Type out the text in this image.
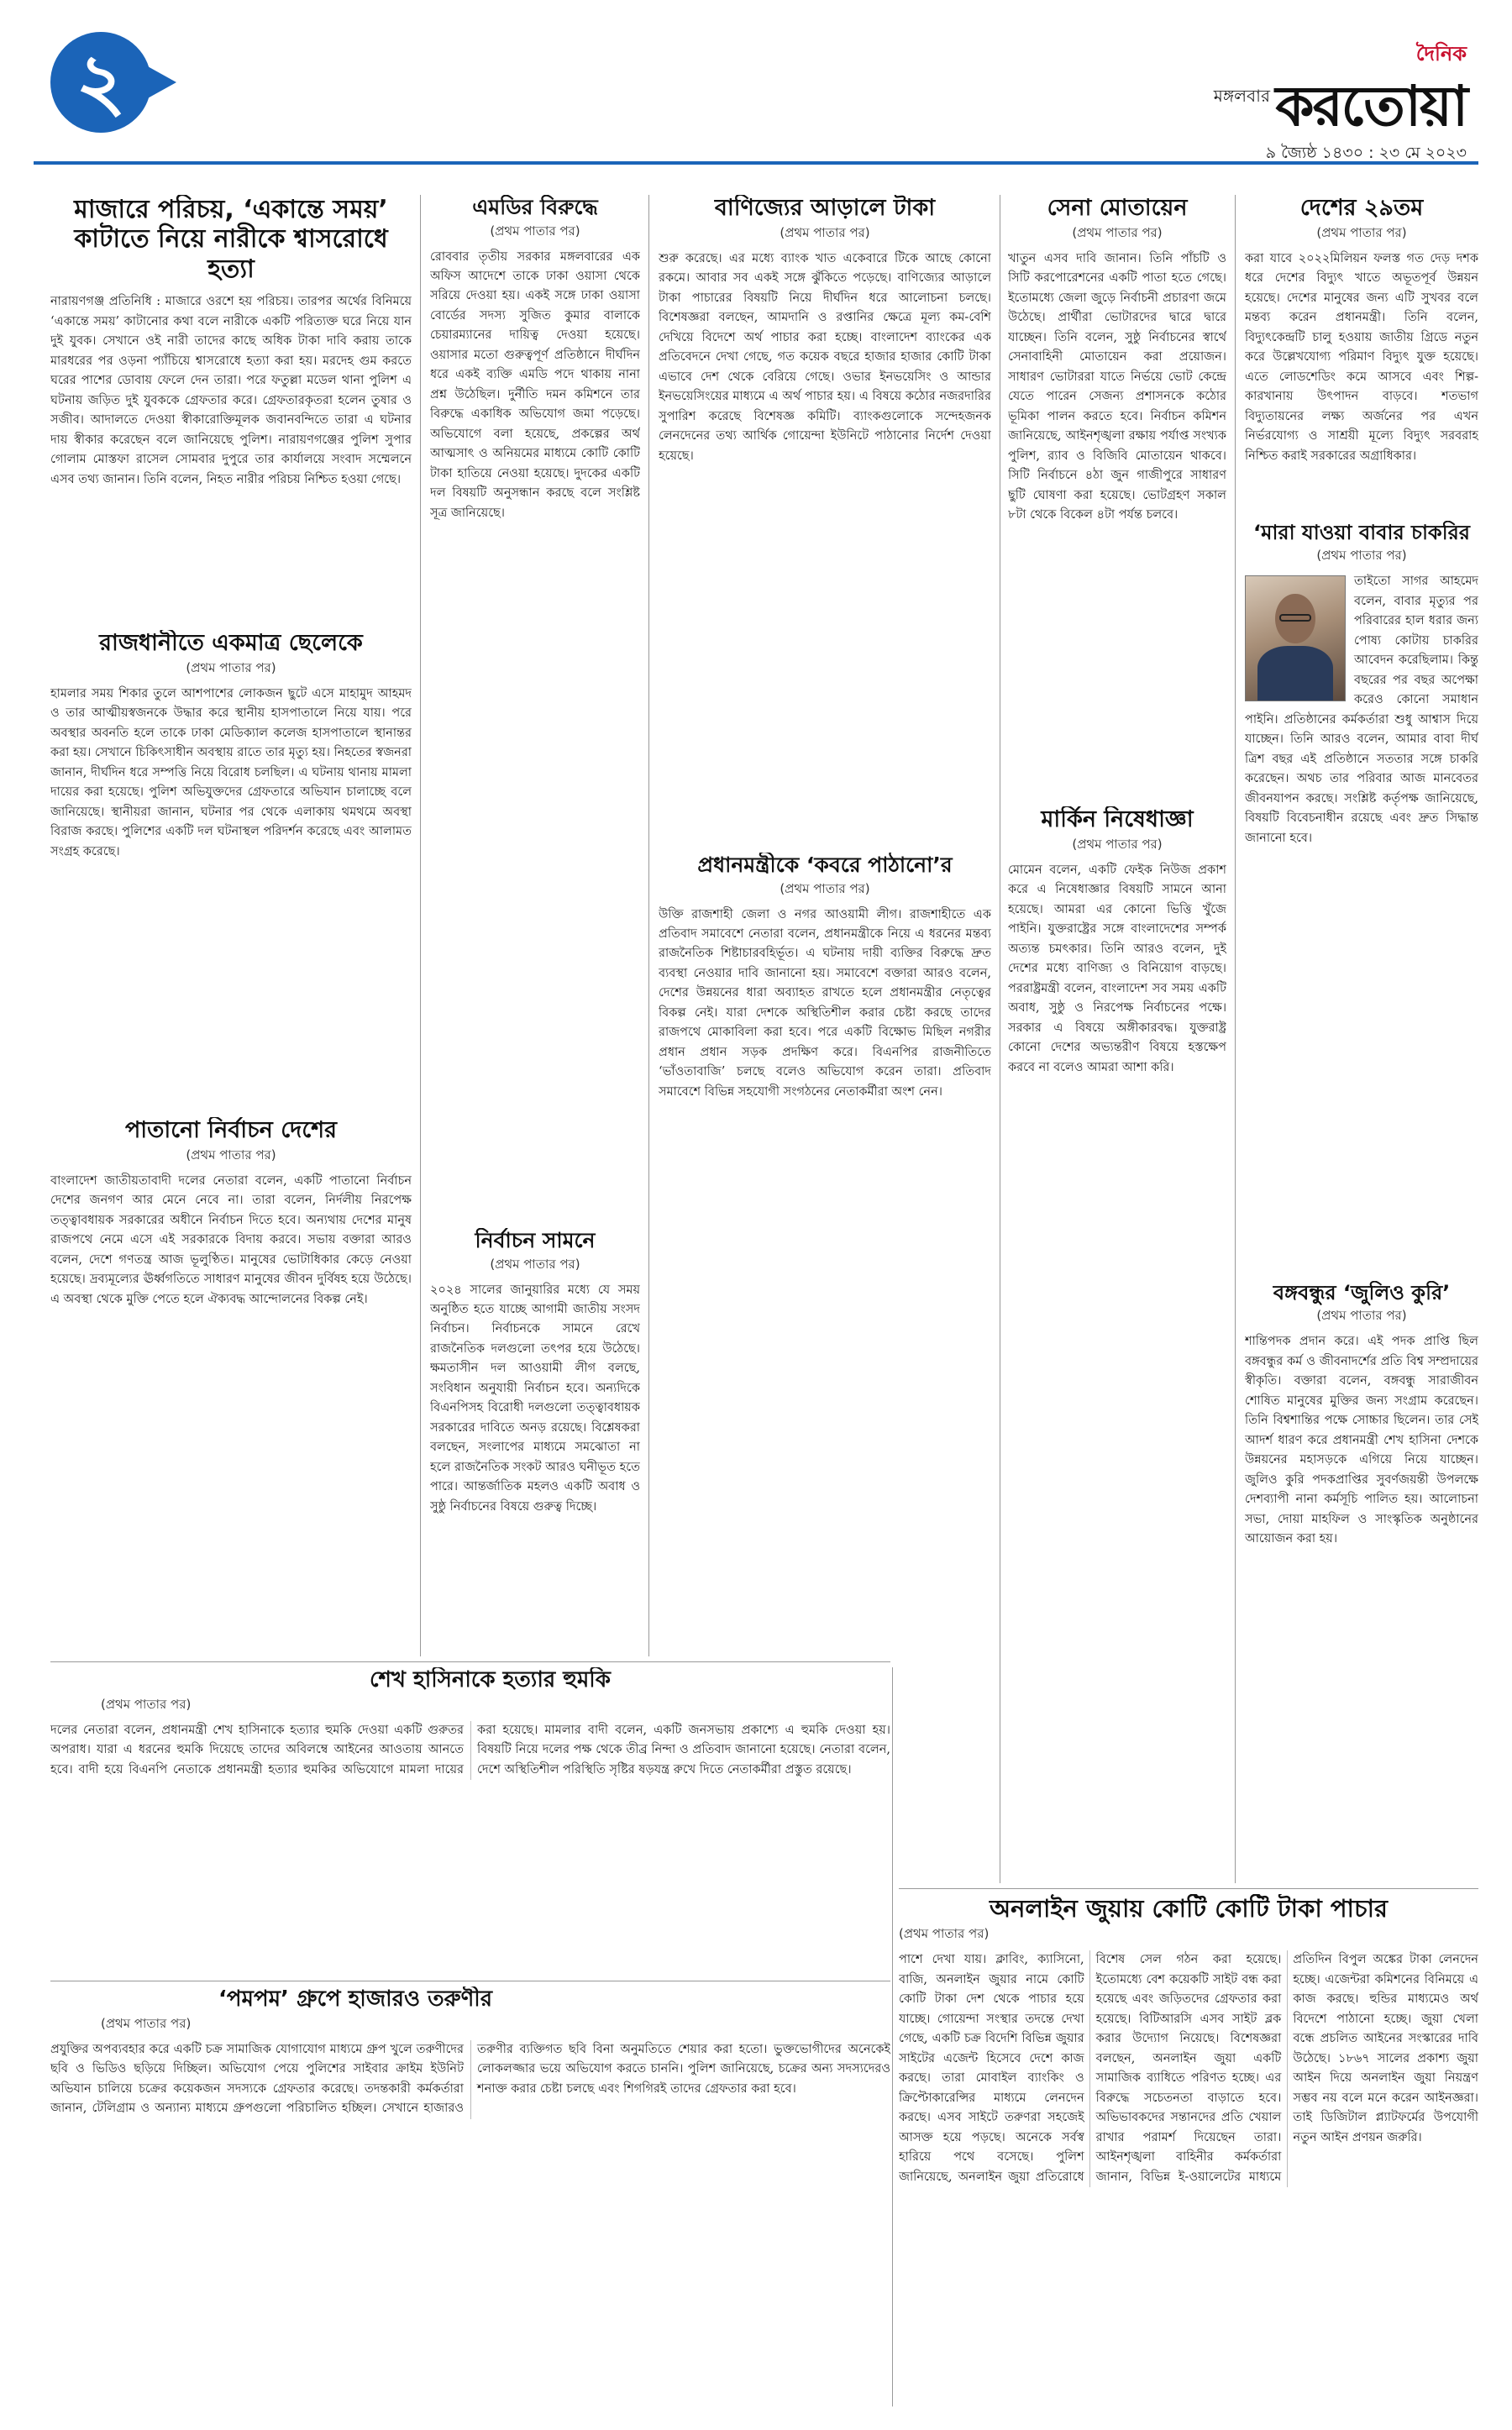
২	মঙ্গলবার
দৈনিক
করতোয়া
৯ জ্যৈষ্ঠ ১৪৩০ : ২৩ মে ২০২৩
মাজারে পরিচয়, ‘একান্তে সময়’ কাটাতে নিয়ে নারীকে শ্বাসরোধে হত্যা
নারায়ণগঞ্জ প্রতিনিধি : মাজারে ওরশে হয় পরিচয়। তারপর অর্থের বিনিময়ে ‘একান্তে সময়’ কাটানোর কথা বলে নারীকে একটি পরিত্যক্ত ঘরে নিয়ে যান দুই যুবক। সেখানে ওই নারী তাদের কাছে অধিক টাকা দাবি করায় তাকে মারধরের পর ওড়না প্যাঁচিয়ে শ্বাসরোধে হত্যা করা হয়। মরদেহ গুম করতে ঘরের পাশের ডোবায় ফেলে দেন তারা। পরে ফতুল্লা মডেল থানা পুলিশ এ ঘটনায় জড়িত দুই যুবককে গ্রেফতার করে। গ্রেফতারকৃতরা হলেন তুষার ও সজীব। আদালতে দেওয়া স্বীকারোক্তিমূলক জবানবন্দিতে তারা এ ঘটনার দায় স্বীকার করেছেন বলে জানিয়েছে পুলিশ। নারায়ণগঞ্জের পুলিশ সুপার গোলাম মোস্তফা রাসেল সোমবার দুপুরে তার কার্যালয়ে সংবাদ সম্মেলনে এসব তথ্য জানান। তিনি বলেন, নিহত নারীর পরিচয় নিশ্চিত হওয়া গেছে।
রাজধানীতে একমাত্র ছেলেকে
(প্রথম পাতার পর)
হামলার সময় শিকার তুলে আশপাশের লোকজন ছুটে এসে মাহামুদ আহমদ ও তার আত্মীয়স্বজনকে উদ্ধার করে স্থানীয় হাসপাতালে নিয়ে যায়। পরে অবস্থার অবনতি হলে তাকে ঢাকা মেডিক্যাল কলেজ হাসপাতালে স্থানান্তর করা হয়। সেখানে চিকিৎসাধীন অবস্থায় রাতে তার মৃত্যু হয়। নিহতের স্বজনরা জানান, দীর্ঘদিন ধরে সম্পত্তি নিয়ে বিরোধ চলছিল। এ ঘটনায় থানায় মামলা দায়ের করা হয়েছে। পুলিশ অভিযুক্তদের গ্রেফতারে অভিযান চালাচ্ছে বলে জানিয়েছে। স্থানীয়রা জানান, ঘটনার পর থেকে এলাকায় থমথমে অবস্থা বিরাজ করছে। পুলিশের একটি দল ঘটনাস্থল পরিদর্শন করেছে এবং আলামত সংগ্রহ করেছে।
পাতানো নির্বাচন দেশের
(প্রথম পাতার পর)
বাংলাদেশ জাতীয়তাবাদী দলের নেতারা বলেন, একটি পাতানো নির্বাচন দেশের জনগণ আর মেনে নেবে না। তারা বলেন, নির্দলীয় নিরপেক্ষ তত্ত্বাবধায়ক সরকারের অধীনে নির্বাচন দিতে হবে। অন্যথায় দেশের মানুষ রাজপথে নেমে এসে এই সরকারকে বিদায় করবে। সভায় বক্তারা আরও বলেন, দেশে গণতন্ত্র আজ ভূলুণ্ঠিত। মানুষের ভোটাধিকার কেড়ে নেওয়া হয়েছে। দ্রব্যমূল্যের ঊর্ধ্বগতিতে সাধারণ মানুষের জীবন দুর্বিষহ হয়ে উঠেছে। এ অবস্থা থেকে মুক্তি পেতে হলে ঐক্যবদ্ধ আন্দোলনের বিকল্প নেই।
শেখ হাসিনাকে হত্যার হুমকি
(প্রথম পাতার পর)
দলের নেতারা বলেন, প্রধানমন্ত্রী শেখ হাসিনাকে হত্যার হুমকি দেওয়া একটি গুরুতর অপরাধ। যারা এ ধরনের হুমকি দিয়েছে তাদের অবিলম্বে আইনের আওতায় আনতে হবে। বাদী হয়ে বিএনপি নেতাকে প্রধানমন্ত্রী হত্যার হুমকির অভিযোগে মামলা দায়ের করা হয়েছে। মামলার বাদী বলেন, একটি জনসভায় প্রকাশ্যে এ হুমকি দেওয়া হয়। বিষয়টি নিয়ে দলের পক্ষ থেকে তীব্র নিন্দা ও প্রতিবাদ জানানো হয়েছে। নেতারা বলেন, দেশে অস্থিতিশীল পরিস্থিতি সৃষ্টির ষড়যন্ত্র রুখে দিতে নেতাকর্মীরা প্রস্তুত রয়েছে।
‘পমপম’ গ্রুপে হাজারও তরুণীর
(প্রথম পাতার পর)
প্রযুক্তির অপব্যবহার করে একটি চক্র সামাজিক যোগাযোগ মাধ্যমে গ্রুপ খুলে তরুণীদের ছবি ও ভিডিও ছড়িয়ে দিচ্ছিল। অভিযোগ পেয়ে পুলিশের সাইবার ক্রাইম ইউনিট অভিযান চালিয়ে চক্রের কয়েকজন সদস্যকে গ্রেফতার করেছে। তদন্তকারী কর্মকর্তারা জানান, টেলিগ্রাম ও অন্যান্য মাধ্যমে গ্রুপগুলো পরিচালিত হচ্ছিল। সেখানে হাজারও তরুণীর ব্যক্তিগত ছবি বিনা অনুমতিতে শেয়ার করা হতো। ভুক্তভোগীদের অনেকেই লোকলজ্জার ভয়ে অভিযোগ করতে চাননি। পুলিশ জানিয়েছে, চক্রের অন্য সদস্যদেরও শনাক্ত করার চেষ্টা চলছে এবং শিগগিরই তাদের গ্রেফতার করা হবে।
এমডির বিরুদ্ধে
(প্রথম পাতার পর)
রোববার তৃতীয় সরকার মঙ্গলবারের এক অফিস আদেশে তাকে ঢাকা ওয়াসা থেকে সরিয়ে দেওয়া হয়। একই সঙ্গে ঢাকা ওয়াসা বোর্ডের সদস্য সুজিত কুমার বালাকে চেয়ারম্যানের দায়িত্ব দেওয়া হয়েছে। ওয়াসার মতো গুরুত্বপূর্ণ প্রতিষ্ঠানে দীর্ঘদিন ধরে একই ব্যক্তি এমডি পদে থাকায় নানা প্রশ্ন উঠেছিল। দুর্নীতি দমন কমিশনে তার বিরুদ্ধে একাধিক অভিযোগ জমা পড়েছে। অভিযোগে বলা হয়েছে, প্রকল্পের অর্থ আত্মসাৎ ও অনিয়মের মাধ্যমে কোটি কোটি টাকা হাতিয়ে নেওয়া হয়েছে। দুদকের একটি দল বিষয়টি অনুসন্ধান করছে বলে সংশ্লিষ্ট সূত্র জানিয়েছে।
নির্বাচন সামনে
(প্রথম পাতার পর)
২০২৪ সালের জানুয়ারির মধ্যে যে সময় অনুষ্ঠিত হতে যাচ্ছে আগামী জাতীয় সংসদ নির্বাচন। নির্বাচনকে সামনে রেখে রাজনৈতিক দলগুলো তৎপর হয়ে উঠেছে। ক্ষমতাসীন দল আওয়ামী লীগ বলছে, সংবিধান অনুযায়ী নির্বাচন হবে। অন্যদিকে বিএনপিসহ বিরোধী দলগুলো তত্ত্বাবধায়ক সরকারের দাবিতে অনড় রয়েছে। বিশ্লেষকরা বলছেন, সংলাপের মাধ্যমে সমঝোতা না হলে রাজনৈতিক সংকট আরও ঘনীভূত হতে পারে। আন্তর্জাতিক মহলও একটি অবাধ ও সুষ্ঠু নির্বাচনের বিষয়ে গুরুত্ব দিচ্ছে।
বাণিজ্যের আড়ালে টাকা
(প্রথম পাতার পর)
শুরু করেছে। এর মধ্যে ব্যাংক খাত একেবারে টিকে আছে কোনো রকমে। আবার সব একই সঙ্গে ঝুঁকিতে পড়েছে। বাণিজ্যের আড়ালে টাকা পাচারের বিষয়টি নিয়ে দীর্ঘদিন ধরে আলোচনা চলছে। বিশেষজ্ঞরা বলছেন, আমদানি ও রপ্তানির ক্ষেত্রে মূল্য কম-বেশি দেখিয়ে বিদেশে অর্থ পাচার করা হচ্ছে। বাংলাদেশ ব্যাংকের এক প্রতিবেদনে দেখা গেছে, গত কয়েক বছরে হাজার হাজার কোটি টাকা এভাবে দেশ থেকে বেরিয়ে গেছে। ওভার ইনভয়েসিং ও আন্ডার ইনভয়েসিংয়ের মাধ্যমে এ অর্থ পাচার হয়। এ বিষয়ে কঠোর নজরদারির সুপারিশ করেছে বিশেষজ্ঞ কমিটি। ব্যাংকগুলোকে সন্দেহজনক লেনদেনের তথ্য আর্থিক গোয়েন্দা ইউনিটে পাঠানোর নির্দেশ দেওয়া হয়েছে।
প্রধানমন্ত্রীকে ‘কবরে পাঠানো’র
(প্রথম পাতার পর)
উক্তি রাজশাহী জেলা ও নগর আওয়ামী লীগ। রাজশাহীতে এক প্রতিবাদ সমাবেশে নেতারা বলেন, প্রধানমন্ত্রীকে নিয়ে এ ধরনের মন্তব্য রাজনৈতিক শিষ্টাচারবহির্ভূত। এ ঘটনায় দায়ী ব্যক্তির বিরুদ্ধে দ্রুত ব্যবস্থা নেওয়ার দাবি জানানো হয়। সমাবেশে বক্তারা আরও বলেন, দেশের উন্নয়নের ধারা অব্যাহত রাখতে হলে প্রধানমন্ত্রীর নেতৃত্বের বিকল্প নেই। যারা দেশকে অস্থিতিশীল করার চেষ্টা করছে তাদের রাজপথে মোকাবিলা করা হবে। পরে একটি বিক্ষোভ মিছিল নগরীর প্রধান প্রধান সড়ক প্রদক্ষিণ করে। বিএনপির রাজনীতিতে ‘ভাঁওতাবাজি’ চলছে বলেও অভিযোগ করেন তারা। প্রতিবাদ সমাবেশে বিভিন্ন সহযোগী সংগঠনের নেতাকর্মীরা অংশ নেন।
সেনা মোতায়েন
(প্রথম পাতার পর)
খাতুন এসব দাবি জানান। তিনি পাঁচটি ও সিটি করপোরেশনের একটি পাতা হতে গেছে। ইতোমধ্যে জেলা জুড়ে নির্বাচনী প্রচারণা জমে উঠেছে। প্রার্থীরা ভোটারদের দ্বারে দ্বারে যাচ্ছেন। তিনি বলেন, সুষ্ঠু নির্বাচনের স্বার্থে সেনাবাহিনী মোতায়েন করা প্রয়োজন। সাধারণ ভোটাররা যাতে নির্ভয়ে ভোট কেন্দ্রে যেতে পারেন সেজন্য প্রশাসনকে কঠোর ভূমিকা পালন করতে হবে। নির্বাচন কমিশন জানিয়েছে, আইনশৃঙ্খলা রক্ষায় পর্যাপ্ত সংখ্যক পুলিশ, র‌্যাব ও বিজিবি মোতায়েন থাকবে। সিটি নির্বাচনে ৪ঠা জুন গাজীপুরে সাধারণ ছুটি ঘোষণা করা হয়েছে। ভোটগ্রহণ সকাল ৮টা থেকে বিকেল ৪টা পর্যন্ত চলবে।
মার্কিন নিষেধাজ্ঞা
(প্রথম পাতার পর)
মোমেন বলেন, একটি ফেইক নিউজ প্রকাশ করে এ নিষেধাজ্ঞার বিষয়টি সামনে আনা হয়েছে। আমরা এর কোনো ভিত্তি খুঁজে পাইনি। যুক্তরাষ্ট্রের সঙ্গে বাংলাদেশের সম্পর্ক অত্যন্ত চমৎকার। তিনি আরও বলেন, দুই দেশের মধ্যে বাণিজ্য ও বিনিয়োগ বাড়ছে। পররাষ্ট্রমন্ত্রী বলেন, বাংলাদেশ সব সময় একটি অবাধ, সুষ্ঠু ও নিরপেক্ষ নির্বাচনের পক্ষে। সরকার এ বিষয়ে অঙ্গীকারবদ্ধ। যুক্তরাষ্ট্র কোনো দেশের অভ্যন্তরীণ বিষয়ে হস্তক্ষেপ করবে না বলেও আমরা আশা করি।
দেশের ২৯তম
(প্রথম পাতার পর)
করা যাবে ২০২২মিলিয়ন ফলস্ত গত দেড় দশক ধরে দেশের বিদ্যুৎ খাতে অভূতপূর্ব উন্নয়ন হয়েছে। দেশের মানুষের জন্য এটি সুখবর বলে মন্তব্য করেন প্রধানমন্ত্রী। তিনি বলেন, বিদ্যুৎকেন্দ্রটি চালু হওয়ায় জাতীয় গ্রিডে নতুন করে উল্লেখযোগ্য পরিমাণ বিদ্যুৎ যুক্ত হয়েছে। এতে লোডশেডিং কমে আসবে এবং শিল্প-কারখানায় উৎপাদন বাড়বে। শতভাগ বিদ্যুতায়নের লক্ষ্য অর্জনের পর এখন নির্ভরযোগ্য ও সাশ্রয়ী মূল্যে বিদ্যুৎ সরবরাহ নিশ্চিত করাই সরকারের অগ্রাধিকার।
‘মারা যাওয়া বাবার চাকরির
(প্রথম পাতার পর)
তাইতো সাগর আহমেদ বলেন, বাবার মৃত্যুর পর পরিবারের হাল ধরার জন্য পোষ্য কোটায় চাকরির আবেদন করেছিলাম। কিন্তু বছরের পর বছর অপেক্ষা করেও কোনো সমাধান পাইনি। প্রতিষ্ঠানের কর্মকর্তারা শুধু আশ্বাস দিয়ে যাচ্ছেন। তিনি আরও বলেন, আমার বাবা দীর্ঘ ত্রিশ বছর এই প্রতিষ্ঠানে সততার সঙ্গে চাকরি করেছেন। অথচ তার পরিবার আজ মানবেতর জীবনযাপন করছে। সংশ্লিষ্ট কর্তৃপক্ষ জানিয়েছে, বিষয়টি বিবেচনাধীন রয়েছে এবং দ্রুত সিদ্ধান্ত জানানো হবে।
বঙ্গবন্ধুর ‘জুলিও কুরি’
(প্রথম পাতার পর)
শান্তিপদক প্রদান করে। এই পদক প্রাপ্তি ছিল বঙ্গবন্ধুর কর্ম ও জীবনাদর্শের প্রতি বিশ্ব সম্প্রদায়ের স্বীকৃতি। বক্তারা বলেন, বঙ্গবন্ধু সারাজীবন শোষিত মানুষের মুক্তির জন্য সংগ্রাম করেছেন। তিনি বিশ্বশান্তির পক্ষে সোচ্চার ছিলেন। তার সেই আদর্শ ধারণ করে প্রধানমন্ত্রী শেখ হাসিনা দেশকে উন্নয়নের মহাসড়কে এগিয়ে নিয়ে যাচ্ছেন। জুলিও কুরি পদকপ্রাপ্তির সুবর্ণজয়ন্তী উপলক্ষে দেশব্যাপী নানা কর্মসূচি পালিত হয়। আলোচনা সভা, দোয়া মাহফিল ও সাংস্কৃতিক অনুষ্ঠানের আয়োজন করা হয়।
অনলাইন জুয়ায় কোটি কোটি টাকা পাচার
(প্রথম পাতার পর)
পাশে দেখা যায়। ক্লাবিং, ক্যাসিনো, বাজি, অনলাইন জুয়ার নামে কোটি কোটি টাকা দেশ থেকে পাচার হয়ে যাচ্ছে। গোয়েন্দা সংস্থার তদন্তে দেখা গেছে, একটি চক্র বিদেশি বিভিন্ন জুয়ার সাইটের এজেন্ট হিসেবে দেশে কাজ করছে। তারা মোবাইল ব্যাংকিং ও ক্রিপ্টোকারেন্সির মাধ্যমে লেনদেন করছে। এসব সাইটে তরুণরা সহজেই আসক্ত হয়ে পড়ছে। অনেকে সর্বস্ব হারিয়ে পথে বসেছে। পুলিশ জানিয়েছে, অনলাইন জুয়া প্রতিরোধে বিশেষ সেল গঠন করা হয়েছে। ইতোমধ্যে বেশ কয়েকটি সাইট বন্ধ করা হয়েছে এবং জড়িতদের গ্রেফতার করা হয়েছে। বিটিআরসি এসব সাইট ব্লক করার উদ্যোগ নিয়েছে। বিশেষজ্ঞরা বলছেন, অনলাইন জুয়া একটি সামাজিক ব্যাধিতে পরিণত হচ্ছে। এর বিরুদ্ধে সচেতনতা বাড়াতে হবে। অভিভাবকদের সন্তানদের প্রতি খেয়াল রাখার পরামর্শ দিয়েছেন তারা। আইনশৃঙ্খলা বাহিনীর কর্মকর্তারা জানান, বিভিন্ন ই-ওয়ালেটের মাধ্যমে প্রতিদিন বিপুল অঙ্কের টাকা লেনদেন হচ্ছে। এজেন্টরা কমিশনের বিনিময়ে এ কাজ করছে। হুন্ডির মাধ্যমেও অর্থ বিদেশে পাঠানো হচ্ছে। জুয়া খেলা বন্ধে প্রচলিত আইনের সংস্কারের দাবি উঠেছে। ১৮৬৭ সালের প্রকাশ্য জুয়া আইন দিয়ে অনলাইন জুয়া নিয়ন্ত্রণ সম্ভব নয় বলে মনে করেন আইনজ্ঞরা। তাই ডিজিটাল প্ল্যাটফর্মের উপযোগী নতুন আইন প্রণয়ন জরুরি।
